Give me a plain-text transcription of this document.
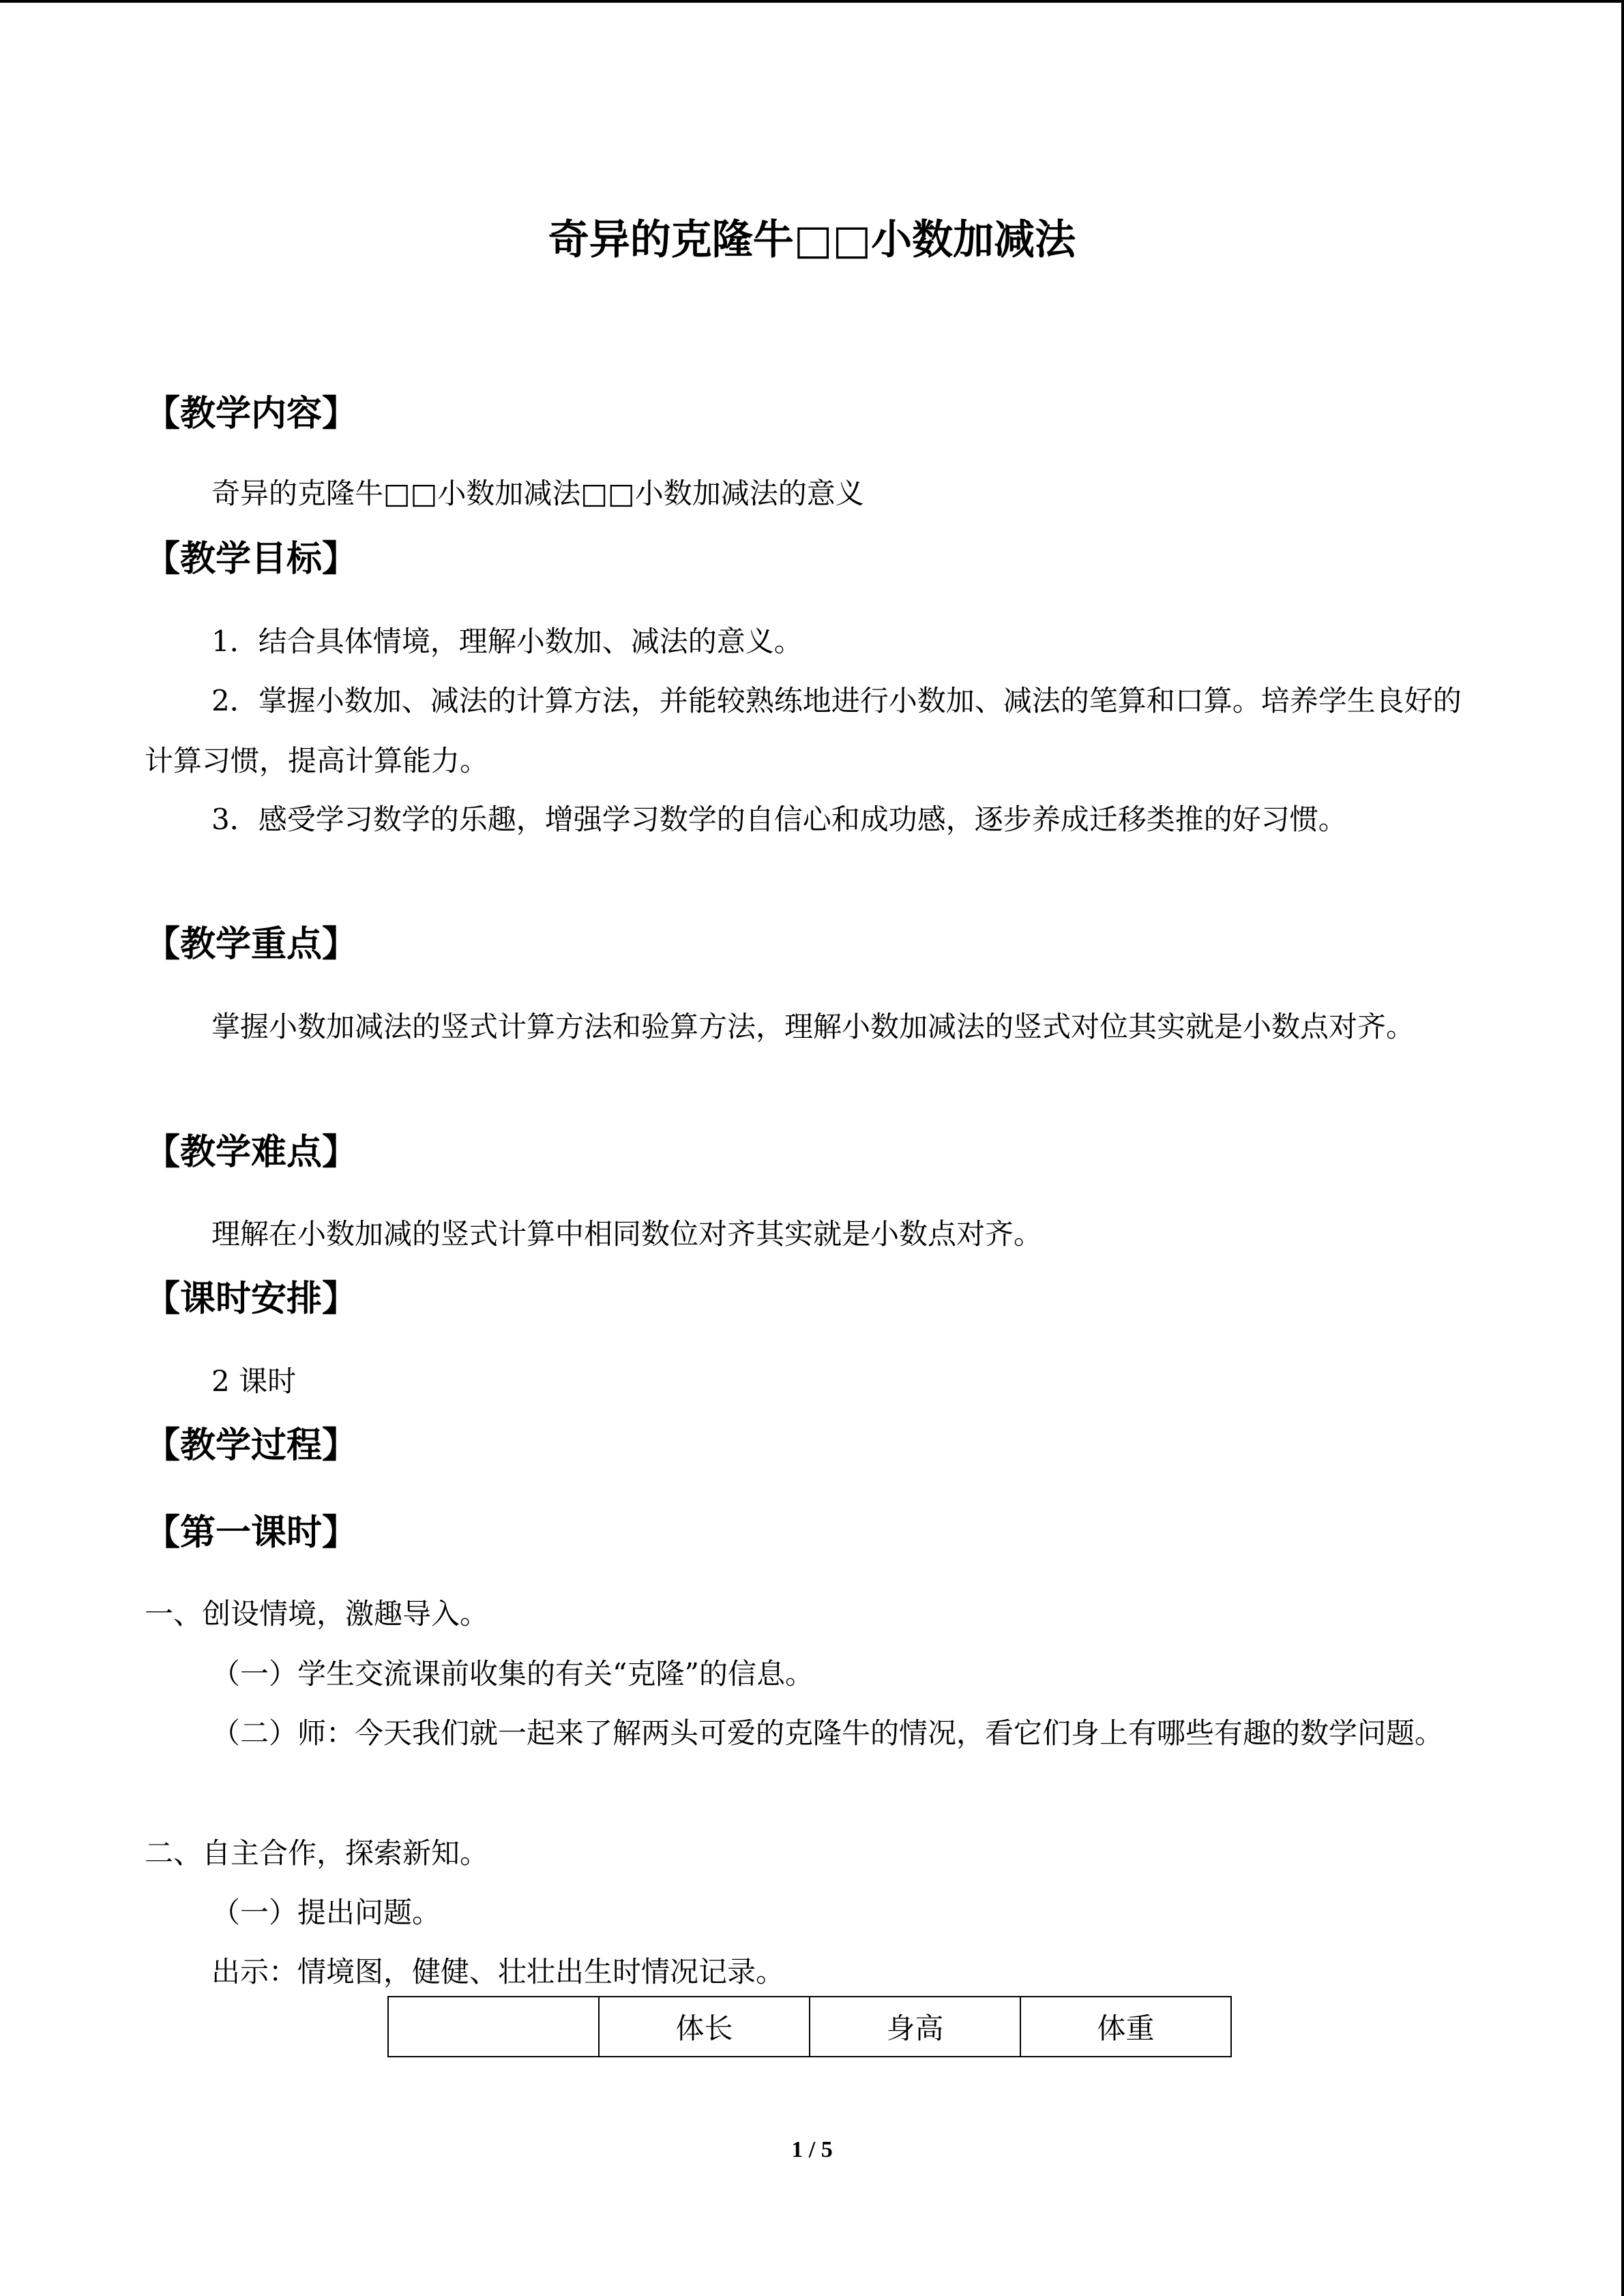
奇异的克隆牛□□小数加减法
【教学内容】
奇异的克隆牛□□小数加减法□□小数加减法的意义
【教学目标】
1．结合具体情境，理解小数加、减法的意义。
2．掌握小数加、减法的计算方法，并能较熟练地进行小数加、减法的笔算和口算。培养学生良好的计算习惯，提高计算能力。
3．感受学习数学的乐趣，增强学习数学的自信心和成功感，逐步养成迁移类推的好习惯。
【教学重点】
掌握小数加减法的竖式计算方法和验算方法，理解小数加减法的竖式对位其实就是小数点对齐。
【教学难点】
理解在小数加减的竖式计算中相同数位对齐其实就是小数点对齐。
【课时安排】
2 课时
【教学过程】
【第一课时】
一、创设情境，激趣导入。
（一）学生交流课前收集的有关“克隆”的信息。
（二）师：今天我们就一起来了解两头可爱的克隆牛的情况，看它们身上有哪些有趣的数学问题。
二、自主合作，探索新知。
（一）提出问题。
出示：情境图，健健、壮壮出生时情况记录。
	体长	身高	体重
1 / 5
